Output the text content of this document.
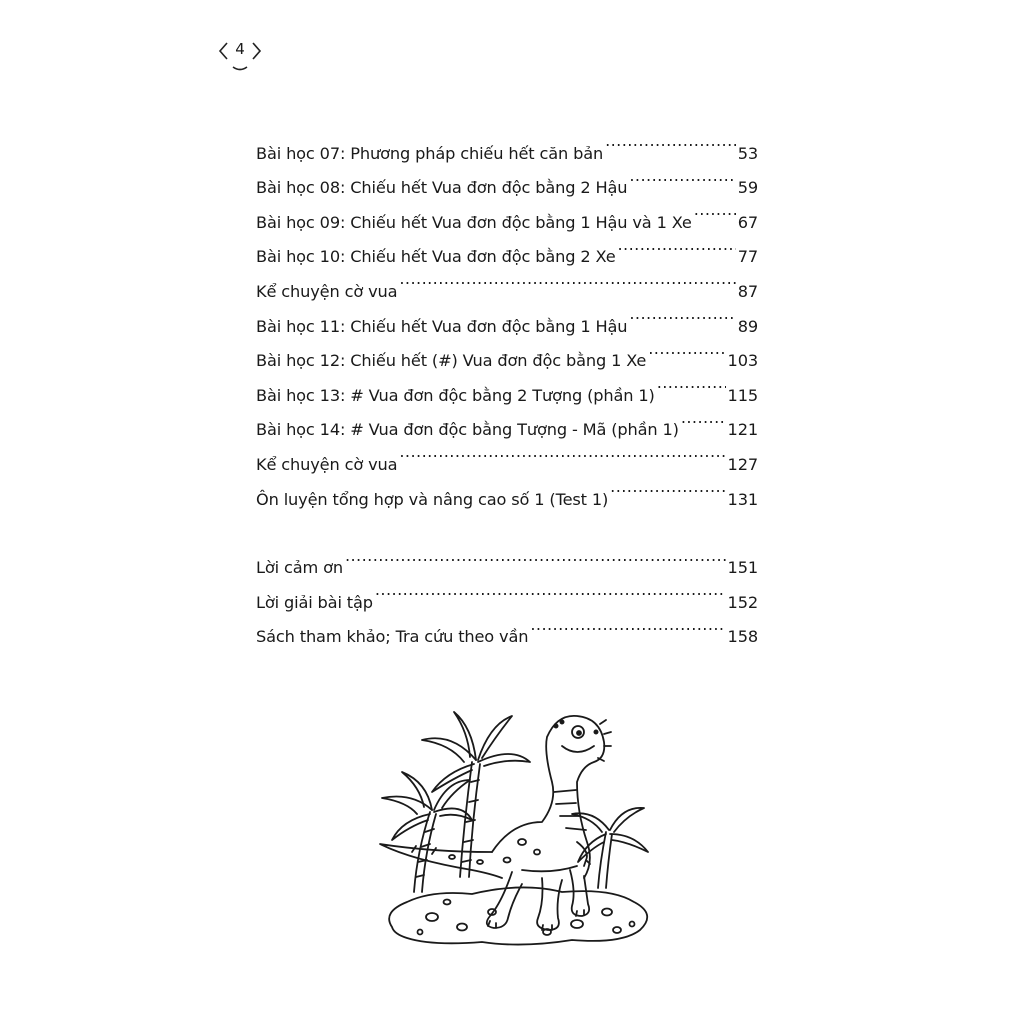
4
Bài học 07: Phương pháp chiếu hết căn bản .....	53
Bài học 08: Chiếu hết Vua đơn độc bằng 2 Hậu .....	59
Bài học 09: Chiếu hết Vua đơn độc bằng 1 Hậu và 1 Xe .....	67
Bài học 10: Chiếu hết Vua đơn độc bằng 2 Xe .....	77
Kể chuyện cờ vua .....	87
Bài học 11: Chiếu hết Vua đơn độc bằng 1 Hậu .....	89
Bài học 12: Chiếu hết (#) Vua đơn độc bằng 1 Xe .....	103
Bài học 13: # Vua đơn độc bằng 2 Tượng (phần 1) .....	115
Bài học 14: # Vua đơn độc bằng Tượng - Mã (phần 1) .....	121
Kể chuyện cờ vua .....	127
Ôn luyện tổng hợp và nâng cao số 1 (Test 1) .....	131
Lời cảm ơn .....	151
Lời giải bài tập .....	152
Sách tham khảo; Tra cứu theo vần .....	158
